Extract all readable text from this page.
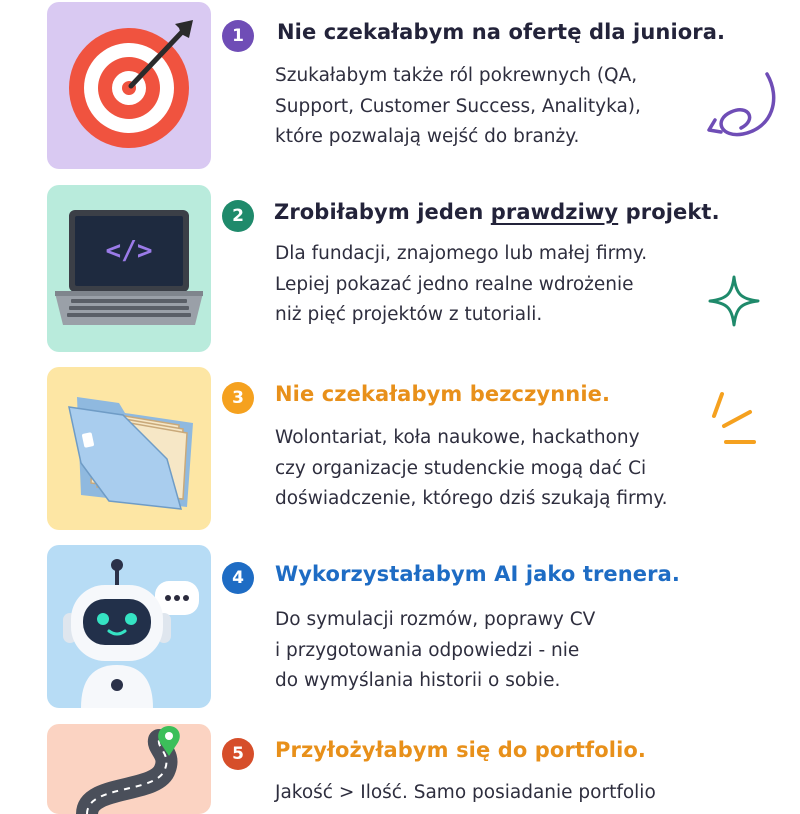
1	Nie czekałabym na ofertę dla juniora.
Szukałabym także ról pokrewnych (QA,
Support, Customer Success, Analityka),
które pozwalają wejść do branży.
</>
2	Zrobiłabym jeden prawdziwy projekt.
Dla fundacji, znajomego lub małej firmy.
Lepiej pokazać jedno realne wdrożenie
niż pięć projektów z tutoriali.
3	Nie czekałabym bezczynnie.
Wolontariat, koła naukowe, hackathony
czy organizacje studenckie mogą dać Ci
doświadczenie, którego dziś szukają firmy.
4	Wykorzystałabym AI jako trenera.
Do symulacji rozmów, poprawy CV
i przygotowania odpowiedzi - nie
do wymyślania historii o sobie.
5	Przyłożyłabym się do portfolio.
Jakość > Ilość. Samo posiadanie portfolio
